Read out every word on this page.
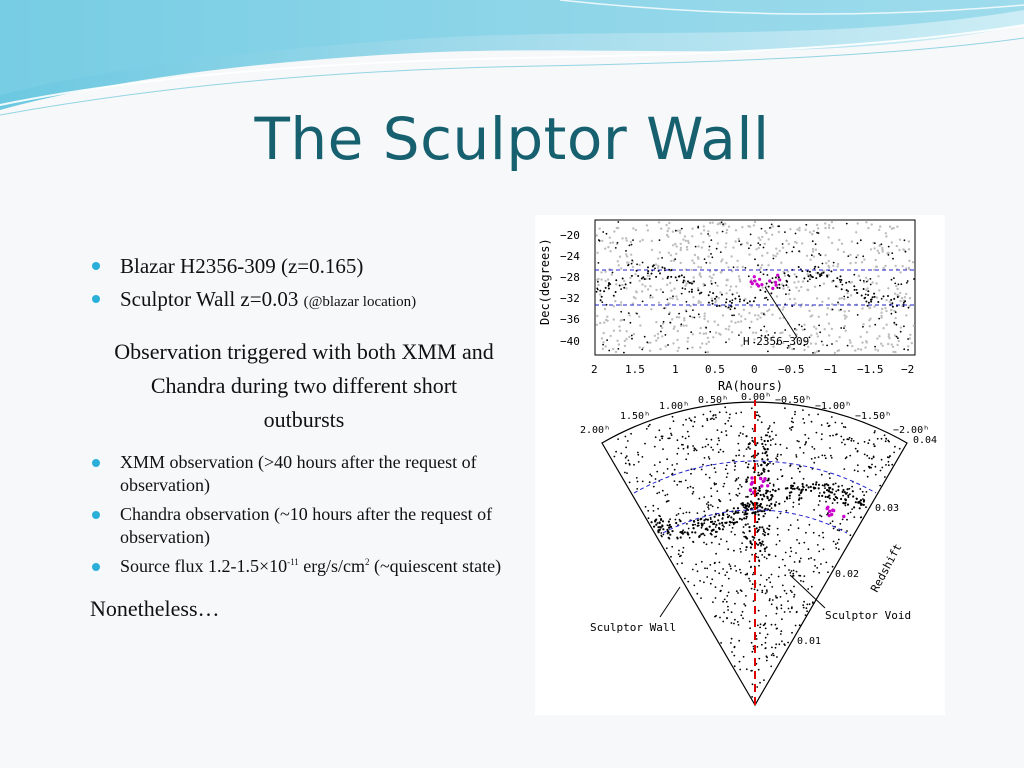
The Sculptor Wall
Blazar H2356-309 (z=0.165)
Sculptor Wall z=0.03 (@blazar location)
Observation triggered with both XMM and Chandra during two different short outbursts
XMM observation (>40 hours after the request of observation)
Chandra observation (~10 hours after the request of observation)
Source flux $1.2-1.5\times 10^{-11}$ erg/$s/cm^2$ (~quiescent state)
Nonetheless…
H 2356−309
Dec(degrees)
−20
−24
−28
−32
−36
−40
2 1.5 1 0.5 0 −0.5 −1 −1.5 −2
RA(hours)
2.00ʰ
1.50ʰ
1.00ʰ
0.50ʰ 0.00ʰ −0.50ʰ
−1.00ʰ
−1.50ʰ
−2.00ʰ
0.04
0.03
0.02
0.01
Redshift
Sculptor Wall
Sculptor Void
